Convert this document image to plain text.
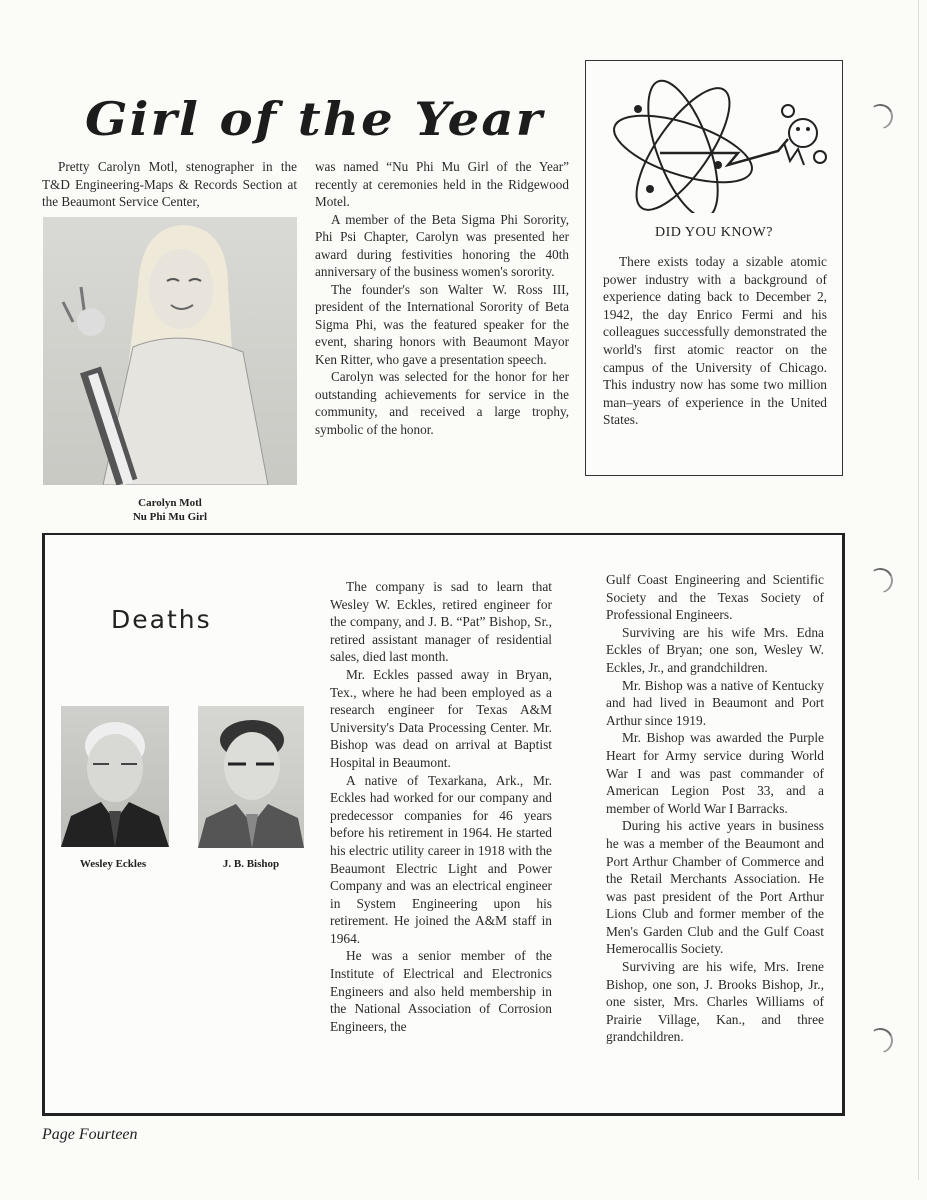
Girl of the Year

Pretty Carolyn Motl, stenographer in the T&D Engineering-Maps & Records Section at the Beaumont Service Center,

Carolyn Motl
Nu Phi Mu Girl

was named “Nu Phi Mu Girl of the Year” recently at ceremonies held in the Ridgewood Motel.

A member of the Beta Sigma Phi Sorority, Phi Psi Chapter, Carolyn was presented her award during festivities honoring the 40th anniversary of the business women's sorority.

The founder's son Walter W. Ross III, president of the International Sorority of Beta Sigma Phi, was the featured speaker for the event, sharing honors with Beaumont Mayor Ken Ritter, who gave a presentation speech.

Carolyn was selected for the honor for her outstanding achievements for service in the community, and received a large trophy, symbolic of the honor.

DID YOU KNOW?

There exists today a sizable atomic power industry with a background of experience dating back to December 2, 1942, the day Enrico Fermi and his colleagues successfully demonstrated the world's first atomic reactor on the campus of the University of Chicago. This industry now has some two million man–years of experience in the United States.

Deaths
Wesley Eckles	J. B. Bishop

The company is sad to learn that Wesley W. Eckles, retired engineer for the company, and J. B. “Pat” Bishop, Sr., retired assistant manager of residential sales, died last month.

Mr. Eckles passed away in Bryan, Tex., where he had been employed as a research engineer for Texas A&M University's Data Processing Center. Mr. Bishop was dead on arrival at Baptist Hospital in Beaumont.

A native of Texarkana, Ark., Mr. Eckles had worked for our company and predecessor companies for 46 years before his retirement in 1964. He started his electric utility career in 1918 with the Beaumont Electric Light and Power Company and was an electrical engineer in System Engineering upon his retirement. He joined the A&M staff in 1964.

He was a senior member of the Institute of Electrical and Electronics Engineers and also held membership in the National Association of Corrosion Engineers, the

Gulf Coast Engineering and Scientific Society and the Texas Society of Professional Engineers.

Surviving are his wife Mrs. Edna Eckles of Bryan; one son, Wesley W. Eckles, Jr., and grandchildren.

Mr. Bishop was a native of Kentucky and had lived in Beaumont and Port Arthur since 1919.

Mr. Bishop was awarded the Purple Heart for Army service during World War I and was past commander of American Legion Post 33, and a member of World War I Barracks.

During his active years in business he was a member of the Beaumont and Port Arthur Chamber of Commerce and the Retail Merchants Association. He was past president of the Port Arthur Lions Club and former member of the Men's Garden Club and the Gulf Coast Hemerocallis Society.

Surviving are his wife, Mrs. Irene Bishop, one son, J. Brooks Bishop, Jr., one sister, Mrs. Charles Williams of Prairie Village, Kan., and three grandchildren.

Page Fourteen
